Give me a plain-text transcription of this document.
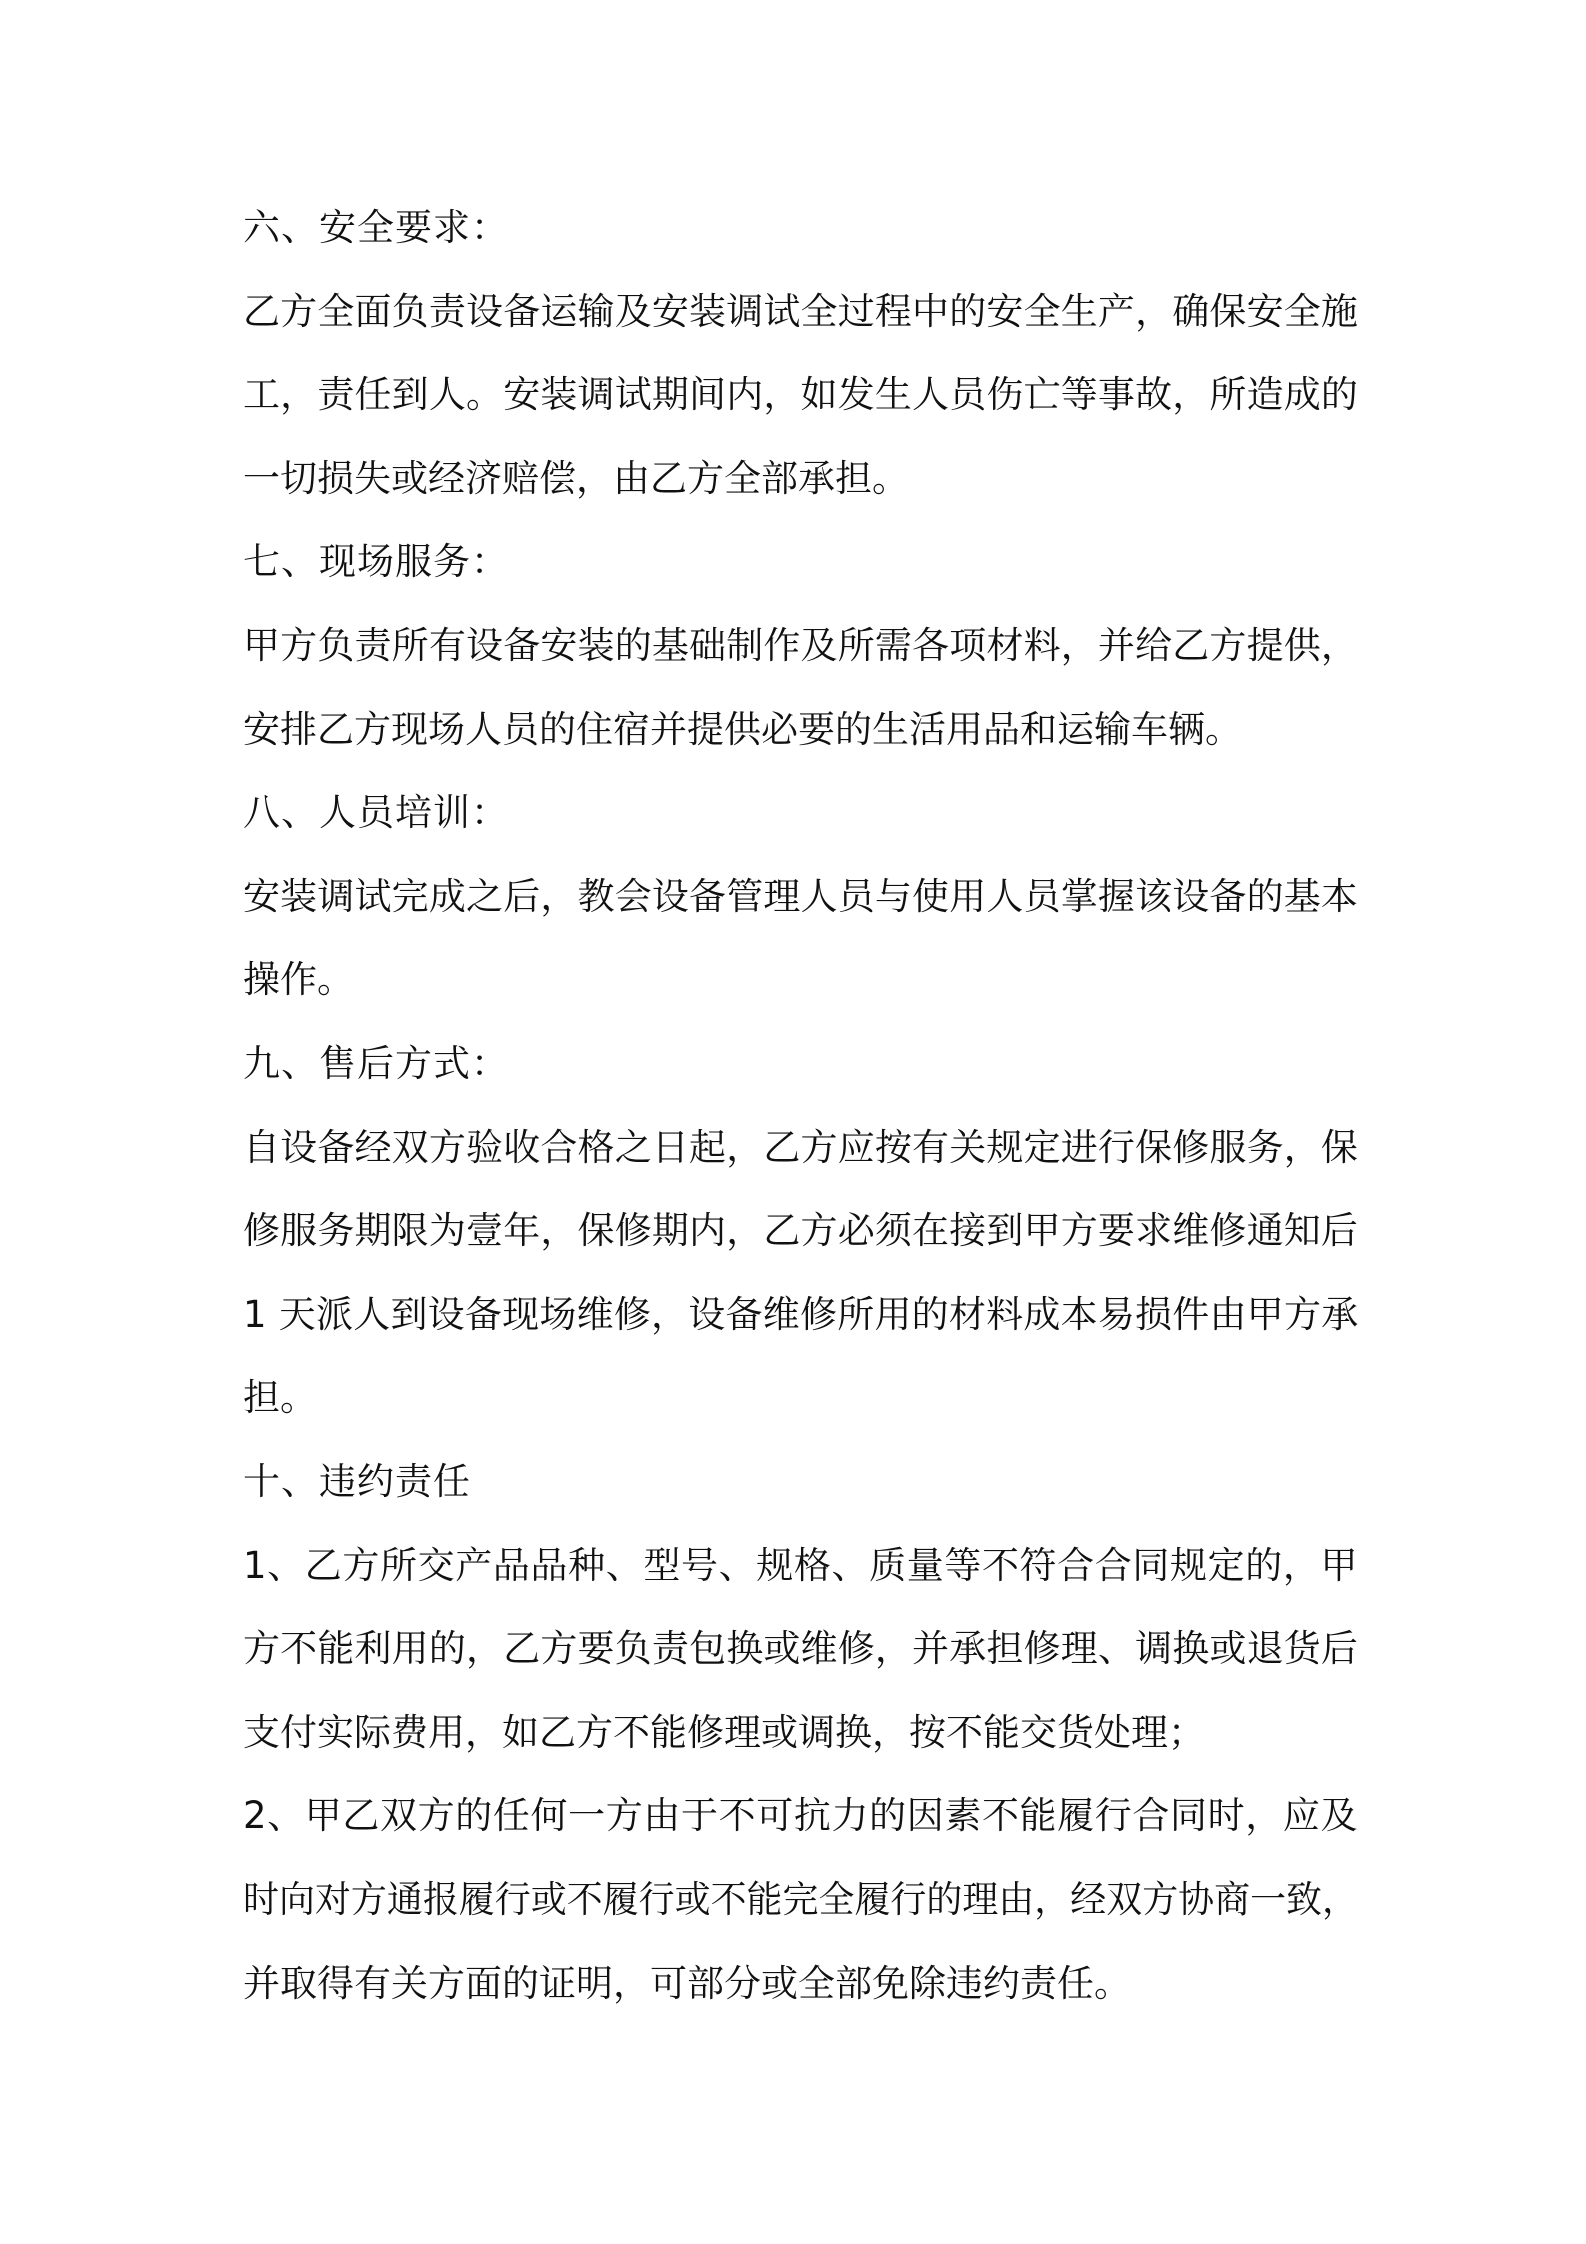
六、安全要求：
乙方全面负责设备运输及安装调试全过程中的安全生产，确保安全施
工，责任到人。安装调试期间内，如发生人员伤亡等事故，所造成的
一切损失或经济赔偿，由乙方全部承担。
七、现场服务：
甲方负责所有设备安装的基础制作及所需各项材料，并给乙方提供，
安排乙方现场人员的住宿并提供必要的生活用品和运输车辆。
八、人员培训：
安装调试完成之后，教会设备管理人员与使用人员掌握该设备的基本
操作。
九、售后方式：
自设备经双方验收合格之日起，乙方应按有关规定进行保修服务，保
修服务期限为壹年，保修期内，乙方必须在接到甲方要求维修通知后
1 天派人到设备现场维修，设备维修所用的材料成本易损件由甲方承
担。
十、违约责任
1、乙方所交产品品种、型号、规格、质量等不符合合同规定的，甲
方不能利用的，乙方要负责包换或维修，并承担修理、调换或退货后
支付实际费用，如乙方不能修理或调换，按不能交货处理；
2、甲乙双方的任何一方由于不可抗力的因素不能履行合同时，应及
时向对方通报履行或不履行或不能完全履行的理由，经双方协商一致，
并取得有关方面的证明，可部分或全部免除违约责任。
